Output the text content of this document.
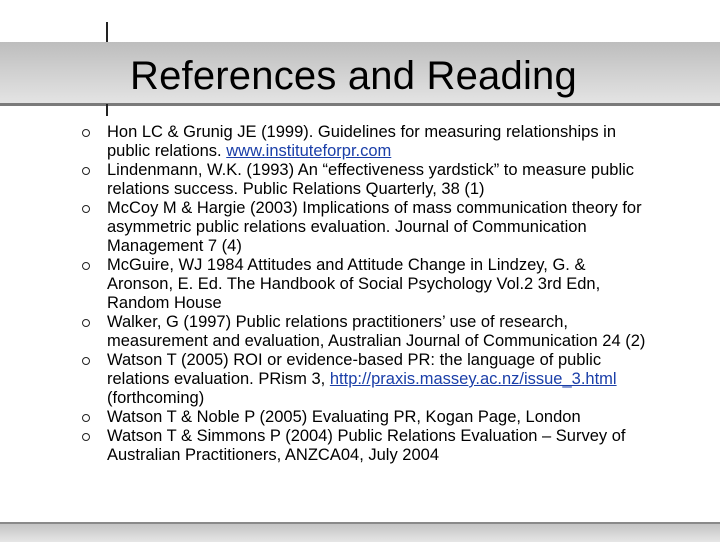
References and Reading
Hon LC & Grunig JE (1999). Guidelines for measuring relationships in
public relations. www.instituteforpr.com
Lindenmann, W.K. (1993) An “effectiveness yardstick” to measure public
relations success. Public Relations Quarterly, 38 (1)
McCoy M & Hargie (2003) Implications of mass communication theory for
asymmetric public relations evaluation. Journal of Communication
Management 7 (4)
McGuire, WJ 1984 Attitudes and Attitude Change in Lindzey, G. &
Aronson, E. Ed. The Handbook of Social Psychology Vol.2 3rd Edn,
Random House
Walker, G (1997) Public relations practitioners’ use of research,
measurement and evaluation, Australian Journal of Communication 24 (2)
Watson T (2005) ROI or evidence-based PR: the language of public
relations evaluation. PRism 3, http://praxis.massey.ac.nz/issue_3.html
(forthcoming)
Watson T & Noble P (2005) Evaluating PR, Kogan Page, London
Watson T & Simmons P (2004) Public Relations Evaluation – Survey of
Australian Practitioners, ANZCA04, July 2004
